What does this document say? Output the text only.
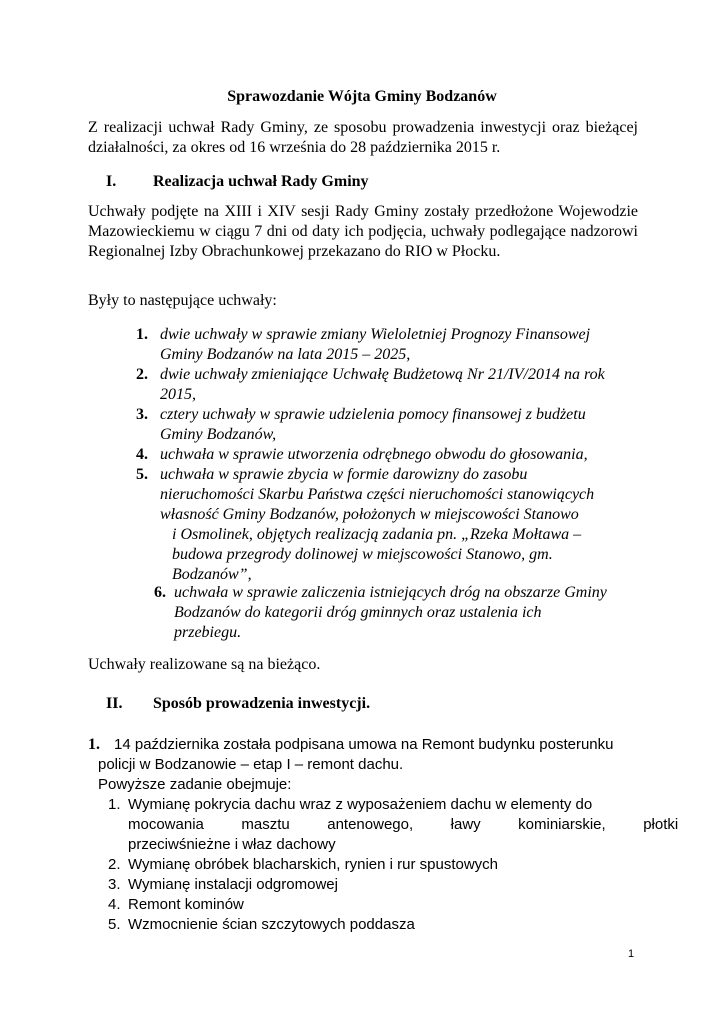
Sprawozdanie Wójta Gminy Bodzanów
Z realizacji uchwał Rady Gminy, ze sposobu prowadzenia inwestycji oraz bieżącej działalności, za okres od 16 września do 28 października 2015 r.
I. Realizacja uchwał Rady Gminy
Uchwały podjęte na XIII i XIV sesji Rady Gminy zostały przedłożone Wojewodzie Mazowieckiemu w ciągu 7 dni od daty ich podjęcia, uchwały podlegające nadzorowi Regionalnej Izby Obrachunkowej przekazano do RIO w Płocku.
Były to następujące uchwały:
1. dwie uchwały w sprawie zmiany Wieloletniej Prognozy Finansowej
Gminy Bodzanów na lata 2015 – 2025,
2. dwie uchwały zmieniające Uchwałę Budżetową Nr 21/IV/2014 na rok
2015,
3. cztery uchwały w sprawie udzielenia pomocy finansowej z budżetu
Gminy Bodzanów,
4. uchwała w sprawie utworzenia odrębnego obwodu do głosowania,
5. uchwała w sprawie zbycia w formie darowizny do zasobu
nieruchomości Skarbu Państwa części nieruchomości stanowiących
własność Gminy Bodzanów, położonych w miejscowości Stanowo
i Osmolinek, objętych realizacją zadania pn. „Rzeka Mołtawa –
budowa przegrody dolinowej w miejscowości Stanowo, gm.
Bodzanów”,
6. uchwała w sprawie zaliczenia istniejących dróg na obszarze Gminy
Bodzanów do kategorii dróg gminnych oraz ustalenia ich
przebiegu.
Uchwały realizowane są na bieżąco.
II. Sposób prowadzenia inwestycji.
1. 14 października została podpisana umowa na Remont budynku posterunku
policji w Bodzanowie – etap I – remont dachu.
Powyższe zadanie obejmuje:
1. Wymianę pokrycia dachu wraz z wyposażeniem dachu w elementy do
mocowania         masztu         antenowego,         ławy         kominiarskie,         płotki
przeciwśnieżne i właz dachowy
2. Wymianę obróbek blacharskich, rynien i rur spustowych
3. Wymianę instalacji odgromowej
4. Remont kominów
5. Wzmocnienie ścian szczytowych poddasza
1
